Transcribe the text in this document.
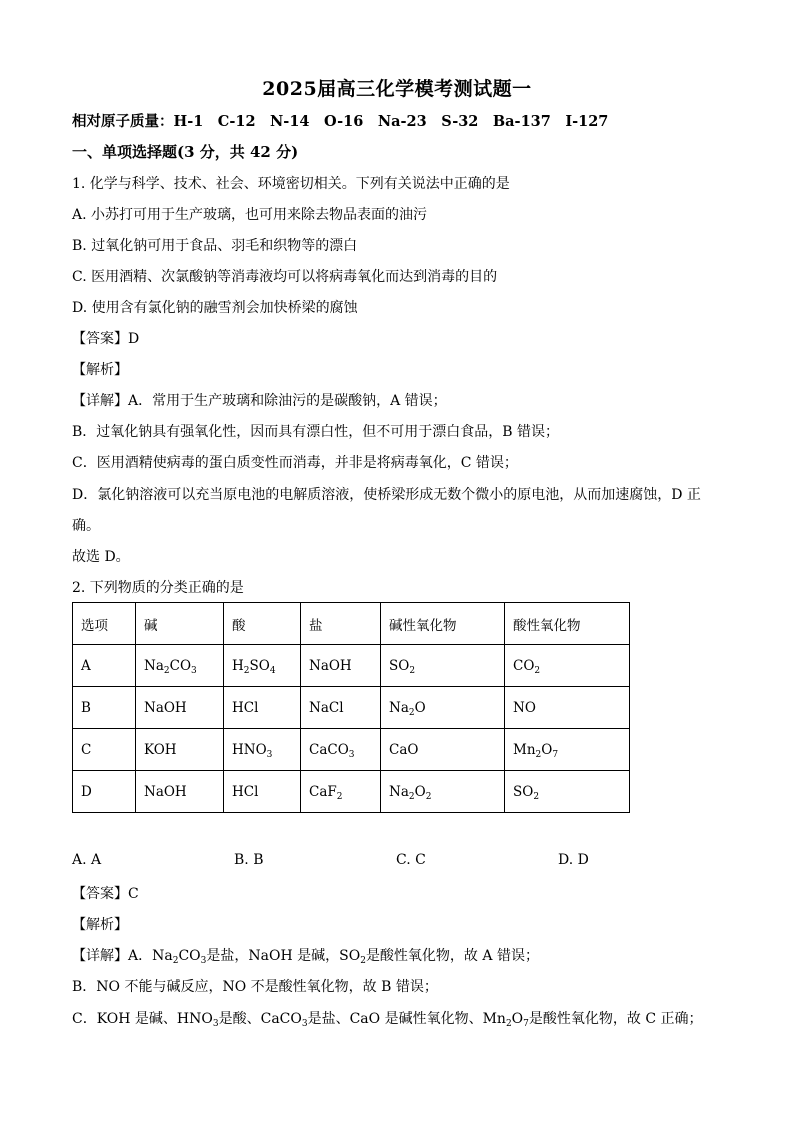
2025届高三化学模考测试题一
相对原子质量：H-1　C-12　N-14　O-16　Na-23　S-32　Ba-137　I-127
一、单项选择题(3 分，共 42 分)
1. 化学与科学、技术、社会、环境密切相关。下列有关说法中正确的是
A. 小苏打可用于生产玻璃，也可用来除去物品表面的油污
B. 过氧化钠可用于食品、羽毛和织物等的漂白
C. 医用酒精、次氯酸钠等消毒液均可以将病毒氧化而达到消毒的目的
D. 使用含有氯化钠的融雪剂会加快桥梁的腐蚀
【答案】D
【解析】
【详解】A．常用于生产玻璃和除油污的是碳酸钠，A 错误；
B．过氧化钠具有强氧化性，因而具有漂白性，但不可用于漂白食品，B 错误；
C．医用酒精使病毒的蛋白质变性而消毒，并非是将病毒氧化，C 错误；
D．氯化钠溶液可以充当原电池的电解质溶液，使桥梁形成无数个微小的原电池，从而加速腐蚀，D 正
确。
故选 D。
2. 下列物质的分类正确的是
选项	碱	酸	盐	碱性氧化物	酸性氧化物
A	$Na_2CO_3$	$H_2SO_4$	NaOH	$SO_2$	$CO_2$
B	NaOH	HCl	NaCl	$Na_2O$	NO
C	KOH	$HNO_3$	CaCO$_3$	CaO	$Mn_2O_7$
D	NaOH	HCl	CaF$_2$	$Na_2O_2$	$SO_2$
A. A	B. B	C. C	D. D
【答案】C
【解析】
【详解】A．$Na_2CO_3$是盐，NaOH 是碱，$SO_2$是酸性氧化物，故 A 错误；
B．NO 不能与碱反应，NO 不是酸性氧化物，故 B 错误；
C．KOH 是碱、$HNO_3$是酸、CaCO$_3$是盐、CaO 是碱性氧化物、$Mn_2O_7$是酸性氧化物，故 C 正确；
